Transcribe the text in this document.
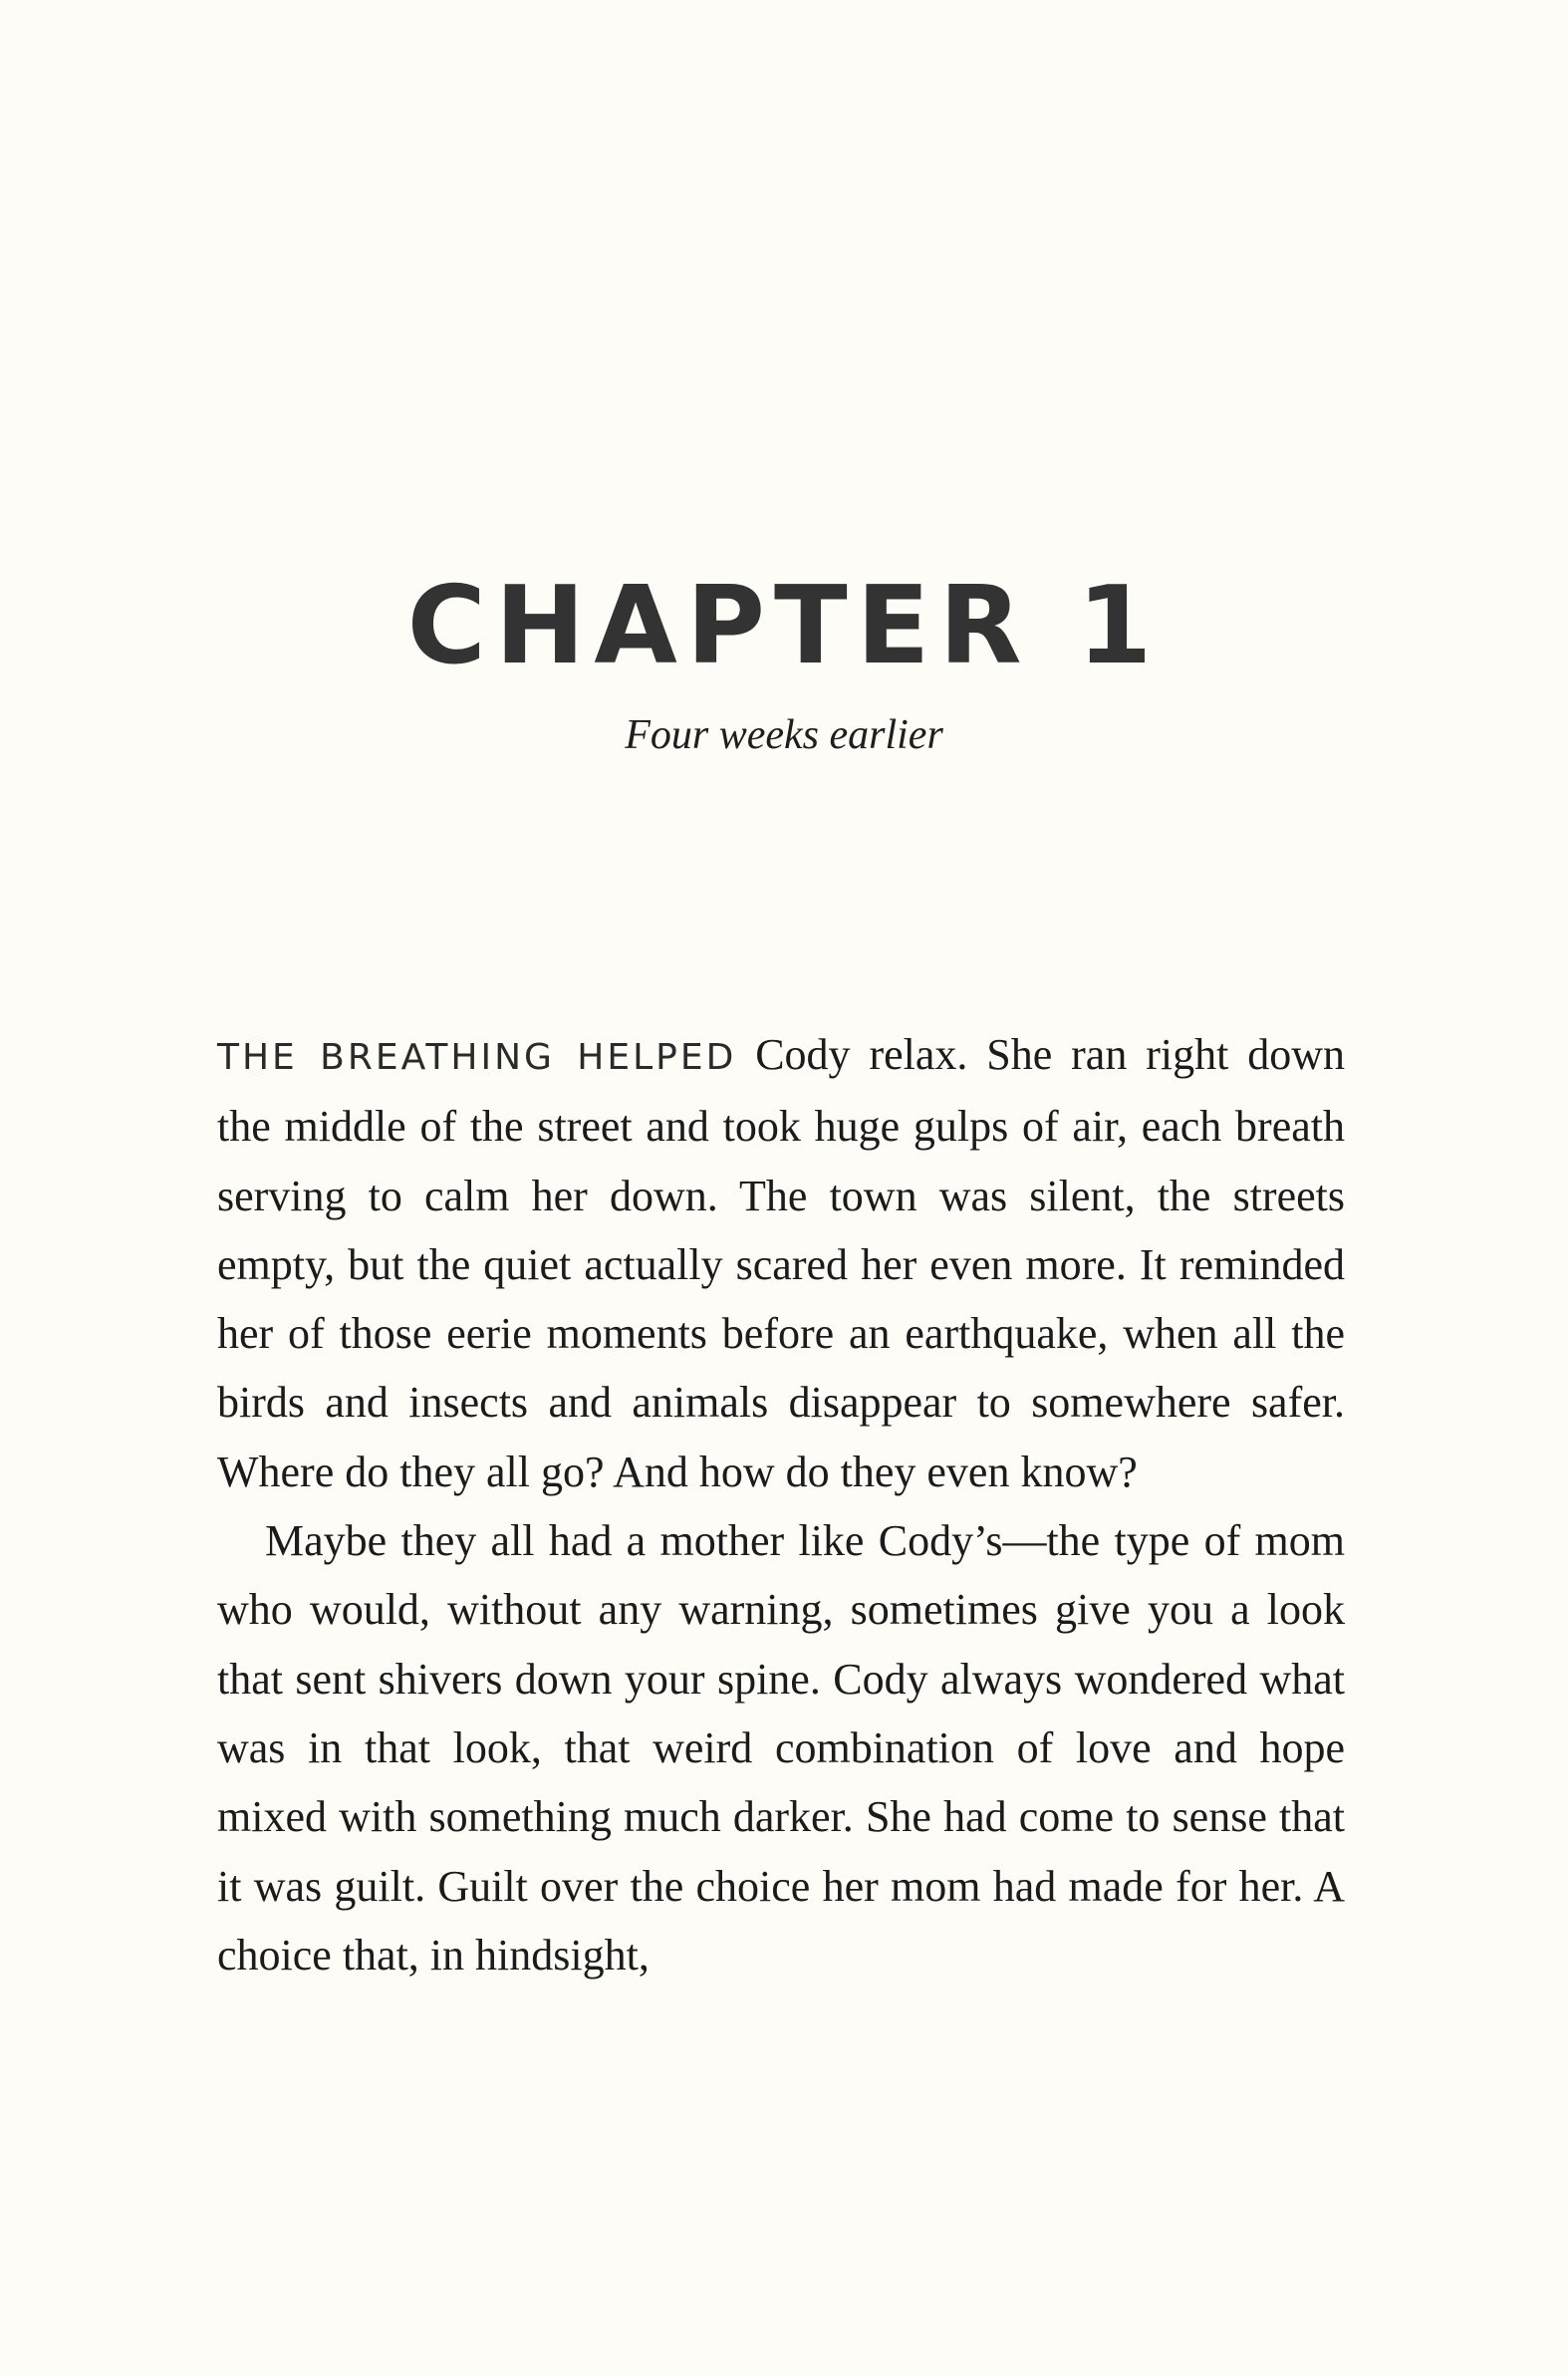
CHAPTER 1
Four weeks earlier

THE BREATHING HELPED Cody relax. She ran right down the middle of the street and took huge gulps of air, each breath serving to calm her down. The town was silent, the streets empty, but the quiet actually scared her even more. It reminded her of those eerie moments before an earthquake, when all the birds and insects and animals disappear to somewhere safer. Where do they all go? And how do they even know?

Maybe they all had a mother like Cody’s—the type of mom who would, without any warning, sometimes give you a look that sent shivers down your spine. Cody always wondered what was in that look, that weird combination of love and hope mixed with something much darker. She had come to sense that it was guilt. Guilt over the choice her mom had made for her. A choice that, in hindsight,
